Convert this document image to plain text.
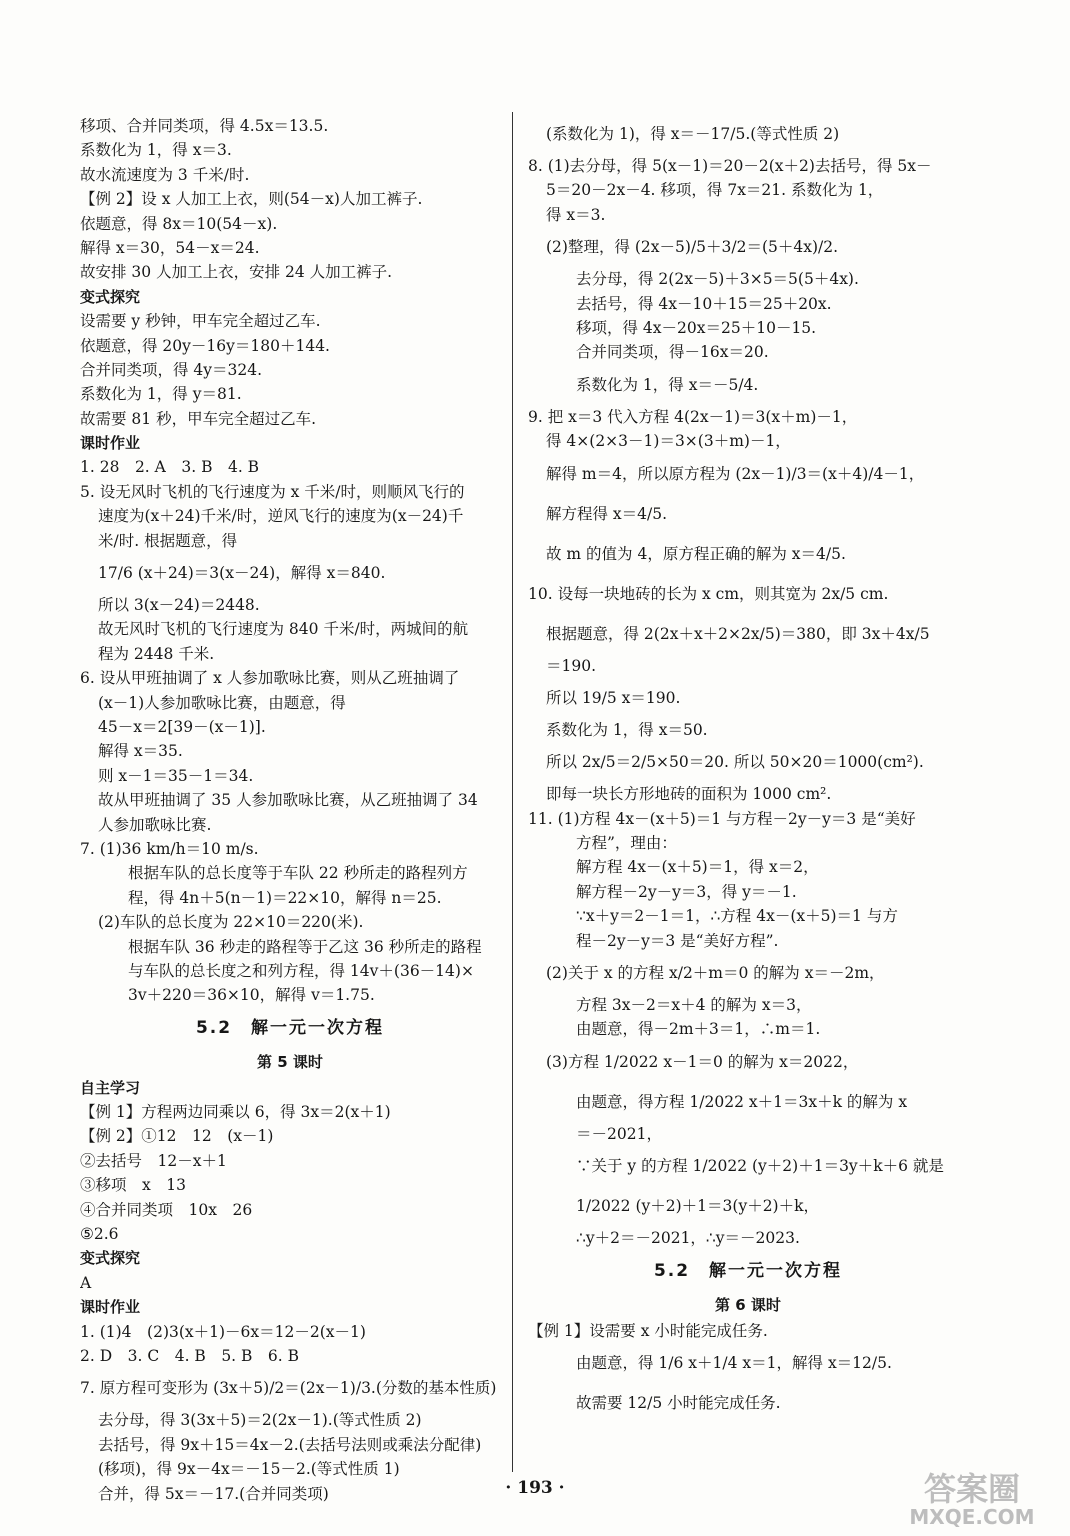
移项、合并同类项，得 4.5x＝13.5.
系数化为 1，得 x＝3.
故水流速度为 3 千米/时.
【例 2】设 x 人加工上衣，则(54－x)人加工裤子.
依题意，得 8x＝10(54－x).
解得 x＝30，54－x＝24.
故安排 30 人加工上衣，安排 24 人加工裤子.
变式探究
设需要 y 秒钟，甲车完全超过乙车.
依题意，得 20y－16y＝180＋144.
合并同类项，得 4y＝324.
系数化为 1，得 y＝81.
故需要 81 秒，甲车完全超过乙车.
课时作业
1. 28　2. A　3. B　4. B
5. 设无风时飞机的飞行速度为 x 千米/时，则顺风飞行的
速度为(x＋24)千米/时，逆风飞行的速度为(x－24)千
米/时. 根据题意，得
17/6 (x＋24)＝3(x－24)，解得 x＝840.
所以 3(x－24)＝2448.
故无风时飞机的飞行速度为 840 千米/时，两城间的航
程为 2448 千米.
6. 设从甲班抽调了 x 人参加歌咏比赛，则从乙班抽调了
(x－1)人参加歌咏比赛，由题意，得
45－x＝2[39－(x－1)].
解得 x＝35.
则 x－1＝35－1＝34.
故从甲班抽调了 35 人参加歌咏比赛，从乙班抽调了 34
人参加歌咏比赛.
7. (1)36 km/h＝10 m/s.
根据车队的总长度等于车队 22 秒所走的路程列方
程，得 4n＋5(n－1)＝22×10，解得 n＝25.
(2)车队的总长度为 22×10＝220(米).
根据车队 36 秒走的路程等于乙这 36 秒所走的路程
与车队的总长度之和列方程，得 14v＋(36－14)×
3v＋220＝36×10，解得 v＝1.75.
5.2　解一元一次方程
第 5 课时
自主学习
【例 1】方程两边同乘以 6，得 3x＝2(x＋1)
【例 2】①12　12　(x－1)
②去括号　12－x＋1
③移项　x　13
④合并同类项　10x　26
⑤2.6
变式探究
A
课时作业
1. (1)4　(2)3(x＋1)－6x＝12－2(x－1)
2. D　3. C　4. B　5. B　6. B
7. 原方程可变形为 (3x＋5)/2＝(2x－1)/3.(分数的基本性质)
去分母，得 3(3x＋5)＝2(2x－1).(等式性质 2)
去括号，得 9x＋15＝4x－2.(去括号法则或乘法分配律)
(移项)，得 9x－4x＝－15－2.(等式性质 1)
合并，得 5x＝－17.(合并同类项)
(系数化为 1)，得 x＝－17/5.(等式性质 2)
8. (1)去分母，得 5(x－1)＝20－2(x＋2)去括号，得 5x－
5＝20－2x－4. 移项，得 7x＝21. 系数化为 1，
得 x＝3.
(2)整理，得 (2x－5)/5＋3/2＝(5＋4x)/2.
去分母，得 2(2x－5)＋3×5＝5(5＋4x).
去括号，得 4x－10＋15＝25＋20x.
移项，得 4x－20x＝25＋10－15.
合并同类项，得－16x＝20.
系数化为 1，得 x＝－5/4.
9. 把 x＝3 代入方程 4(2x－1)＝3(x＋m)－1，
得 4×(2×3－1)＝3×(3＋m)－1，
解得 m＝4，所以原方程为 (2x－1)/3＝(x＋4)/4－1，
解方程得 x＝4/5.
故 m 的值为 4，原方程正确的解为 x＝4/5.
10. 设每一块地砖的长为 x cm，则其宽为 2x/5 cm.
根据题意，得 2(2x＋x＋2×2x/5)＝380，即 3x＋4x/5
＝190.
所以 19/5 x＝190.
系数化为 1，得 x＝50.
所以 2x/5＝2/5×50＝20. 所以 50×20＝1000(cm²).
即每一块长方形地砖的面积为 1000 cm².
11. (1)方程 4x－(x＋5)＝1 与方程－2y－y＝3 是“美好
方程”，理由：
解方程 4x－(x＋5)＝1，得 x＝2，
解方程－2y－y＝3，得 y＝－1.
∵x＋y＝2－1＝1，∴方程 4x－(x＋5)＝1 与方
程－2y－y＝3 是“美好方程”.
(2)关于 x 的方程 x/2＋m＝0 的解为 x＝－2m，
方程 3x－2＝x＋4 的解为 x＝3，
由题意，得－2m＋3＝1，∴m＝1.
(3)方程 1/2022 x－1＝0 的解为 x＝2022，
由题意，得方程 1/2022 x＋1＝3x＋k 的解为 x
＝－2021，
∵关于 y 的方程 1/2022 (y＋2)＋1＝3y＋k＋6 就是
1/2022 (y＋2)＋1＝3(y＋2)＋k，
∴y＋2＝－2021，∴y＝－2023.
5.2　解一元一次方程
第 6 课时
【例 1】设需要 x 小时能完成任务.
由题意，得 1/6 x＋1/4 x＝1，解得 x＝12/5.
故需要 12/5 小时能完成任务.
· 193 ·	答案圈
MXQE.COM
